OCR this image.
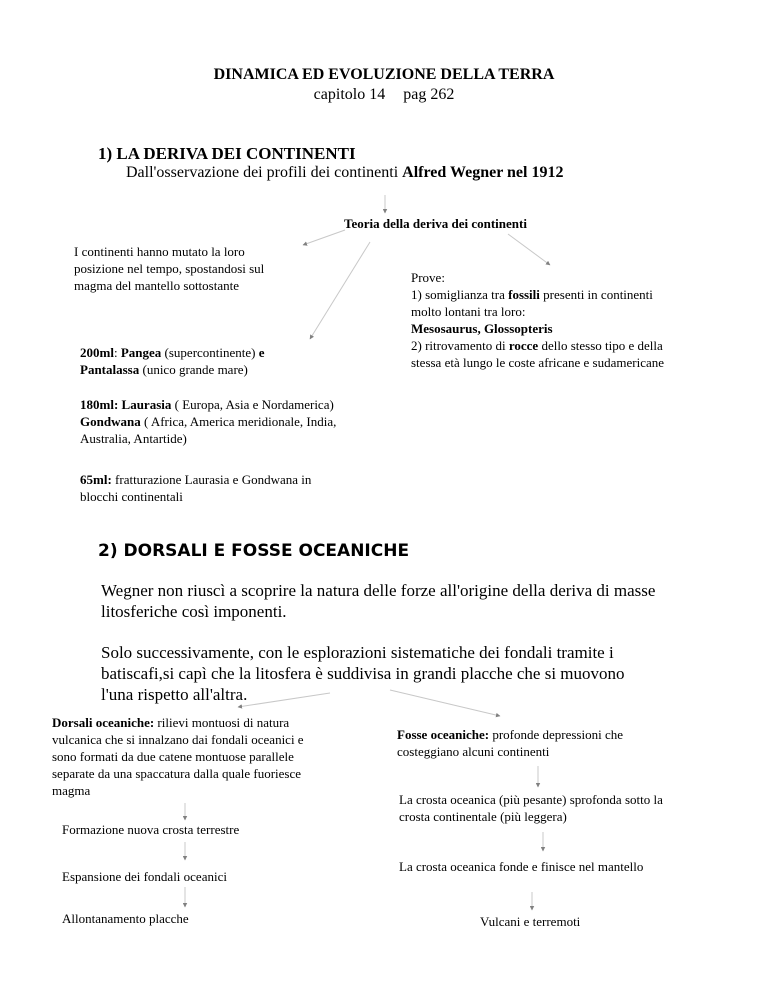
DINAMICA ED EVOLUZIONE DELLA TERRA
capitolo 14 pag 262
1) LA DERIVA DEI CONTINENTI
Dall'osservazione dei profili dei continenti Alfred Wegner nel 1912
Teoria della deriva dei continenti
I continenti hanno mutato la loro posizione nel tempo, spostandosi sul magma del mantello sottostante
200ml: Pangea (supercontinente) e Pantalassa (unico grande mare)
180ml: Laurasia ( Europa, Asia e Nordamerica) Gondwana ( Africa, America meridionale, India, Australia, Antartide)
65ml: fratturazione Laurasia e Gondwana in blocchi continentali
Prove:
1) somiglianza tra fossili presenti in continenti molto lontani tra loro:
Mesosaurus, Glossopteris
2) ritrovamento di rocce dello stesso tipo e della stessa età lungo le coste africane e sudamericane
2) DORSALI E FOSSE OCEANICHE
Wegner non riuscì a scoprire la natura delle forze all'origine della deriva di masse litosferiche così imponenti.
Solo successivamente, con le esplorazioni sistematiche dei fondali tramite i batiscafi,si capì che la litosfera è suddivisa in grandi placche che si muovono l'una rispetto all'altra.
Dorsali oceaniche: rilievi montuosi di natura vulcanica che si innalzano dai fondali oceanici e sono formati da due catene montuose parallele separate da una spaccatura dalla quale fuoriesce magma
Formazione nuova crosta terrestre
Espansione dei fondali oceanici
Allontanamento placche
Fosse oceaniche: profonde depressioni che costeggiano alcuni continenti
La crosta oceanica (più pesante) sprofonda sotto la crosta continentale (più leggera)
La crosta oceanica fonde e finisce nel mantello
Vulcani e terremoti
